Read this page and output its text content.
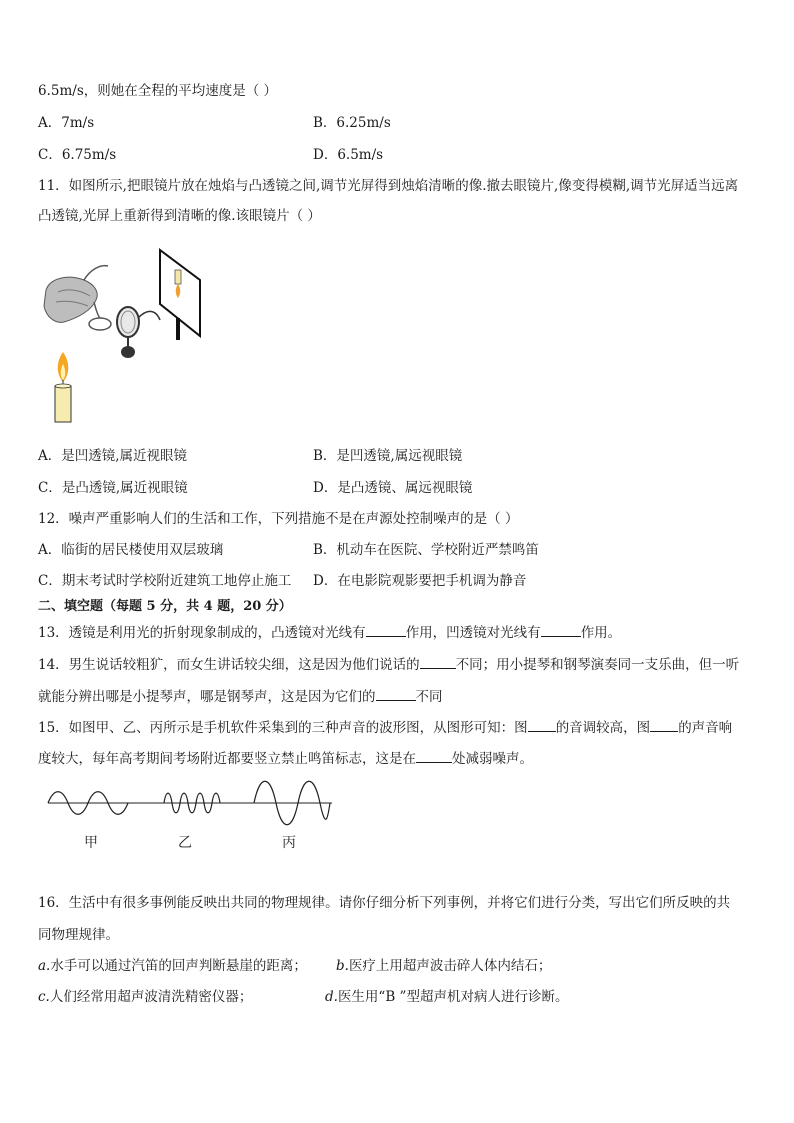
6.5m/s，则她在全程的平均速度是（ ）
A．7m/s	B．6.25m/s
C．6.75m/s	D．6.5m/s
11．如图所示,把眼镜片放在烛焰与凸透镜之间,调节光屏得到烛焰清晰的像.撤去眼镜片,像变得模糊,调节光屏适当远离
凸透镜,光屏上重新得到清晰的像.该眼镜片（ ）
A．是凹透镜,属近视眼镜	B．是凹透镜,属远视眼镜
C．是凸透镜,属近视眼镜	D．是凸透镜、属远视眼镜
12．噪声严重影响人们的生活和工作，下列措施不是在声源处控制噪声的是（ ）
A．临街的居民楼使用双层玻璃	B．机动车在医院、学校附近严禁鸣笛
C．期末考试时学校附近建筑工地停止施工 D．在电影院观影要把手机调为静音
二、填空题（每题 5 分，共 4 题，20 分）
13．透镜是利用光的折射现象制成的，凸透镜对光线有	作用，凹透镜对光线有	作用。
14．男生说话较粗犷，而女生讲话较尖细，这是因为他们说话的	不同；用小提琴和钢琴演奏同一支乐曲，但一听
就能分辨出哪是小提琴声，哪是钢琴声，这是因为它们的	不同
15．如图甲、乙、丙所示是手机软件采集到的三种声音的波形图，从图形可知：图 的音调较高，图 的声音响
度较大，每年高考期间考场附近都要竖立禁止鸣笛标志，这是在	处减弱噪声。
甲	乙	丙
16．生活中有很多事例能反映出共同的物理规律。请你仔细分析下列事例，并将它们进行分类，写出它们所反映的共
同物理规律。
a.水手可以通过汽笛的回声判断悬崖的距离； b.医疗上用超声波击碎人体内结石；
c.人们经常用超声波清洗精密仪器；	d.医生用“B ”型超声机对病人进行诊断。
